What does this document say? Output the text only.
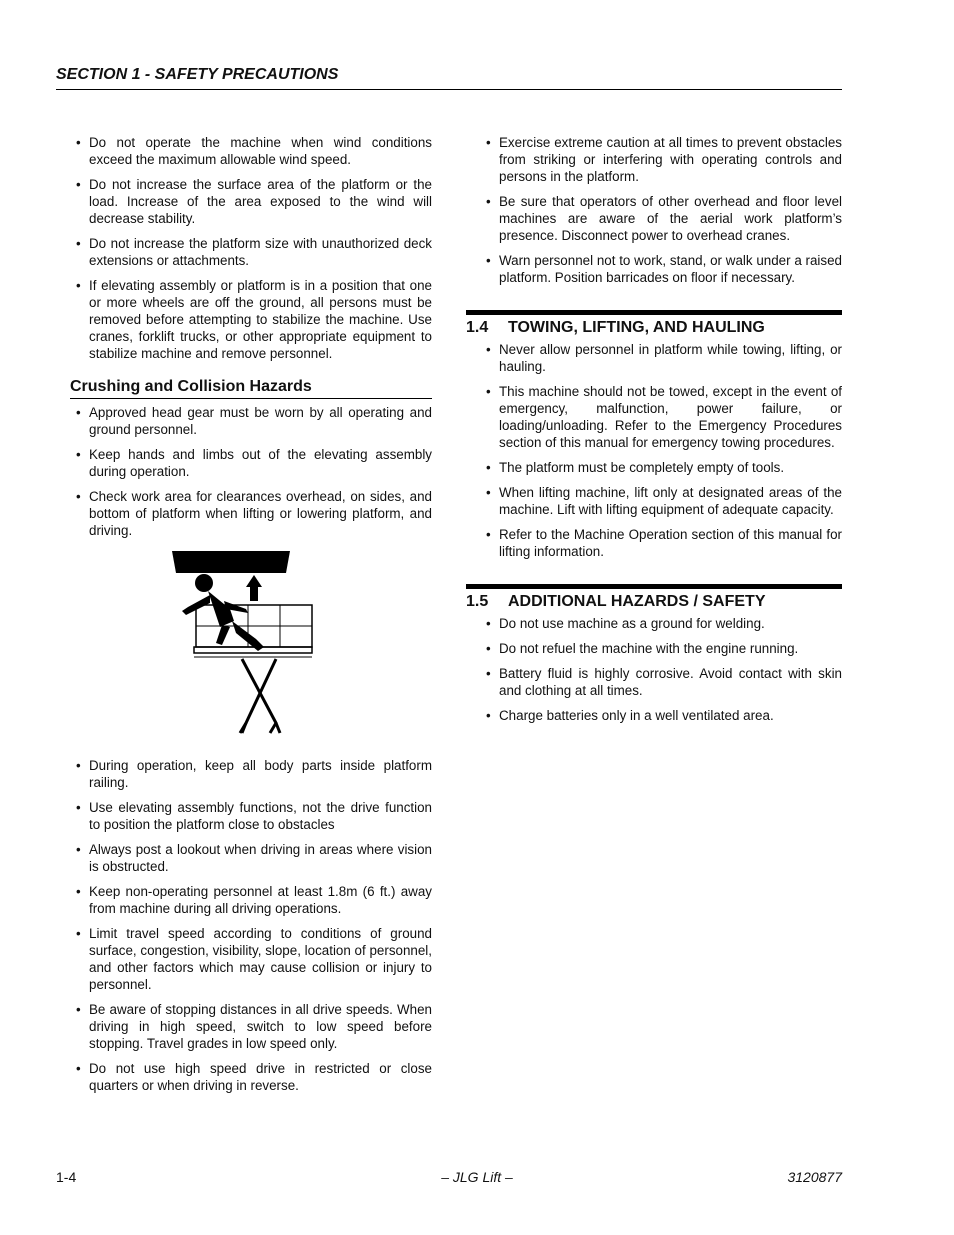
SECTION 1 - SAFETY PRECAUTIONS
• Do not operate the machine when wind conditions exceed the maximum allowable wind speed.
• Do not increase the surface area of the platform or the load. Increase of the area exposed to the wind will decrease stability.
• Do not increase the platform size with unauthorized deck extensions or attachments.
• If elevating assembly or platform is in a position that one or more wheels are off the ground, all persons must be removed before attempting to stabilize the machine. Use cranes, forklift trucks, or other appropriate equipment to stabilize machine and remove personnel.
Crushing and Collision Hazards
• Approved head gear must be worn by all operating and ground personnel.
• Keep hands and limbs out of the elevating assembly during operation.
• Check work area for clearances overhead, on sides, and bottom of platform when lifting or lowering platform, and driving.
• During operation, keep all body parts inside platform railing.
• Use elevating assembly functions, not the drive function to position the platform close to obstacles
• Always post a lookout when driving in areas where vision is obstructed.
• Keep non-operating personnel at least 1.8m (6 ft.) away from machine during all driving operations.
• Limit travel speed according to conditions of ground surface, congestion, visibility, slope, location of personnel, and other factors which may cause collision or injury to personnel.
• Be aware of stopping distances in all drive speeds. When driving in high speed, switch to low speed before stopping. Travel grades in low speed only.
• Do not use high speed drive in restricted or close quarters or when driving in reverse.
• Exercise extreme caution at all times to prevent obstacles from striking or interfering with operating controls and persons in the platform.
• Be sure that operators of other overhead and floor level machines are aware of the aerial work platform’s presence. Disconnect power to overhead cranes.
• Warn personnel not to work, stand, or walk under a raised platform. Position barricades on floor if necessary.
1.4 TOWING, LIFTING, AND HAULING
• Never allow personnel in platform while towing, lifting, or hauling.
• This machine should not be towed, except in the event of emergency, malfunction, power failure, or loading/unloading. Refer to the Emergency Procedures section of this manual for emergency towing procedures.
• The platform must be completely empty of tools.
• When lifting machine, lift only at designated areas of the machine. Lift with lifting equipment of adequate capacity.
• Refer to the Machine Operation section of this manual for lifting information.
1.5 ADDITIONAL HAZARDS / SAFETY
• Do not use machine as a ground for welding.
• Do not refuel the machine with the engine running.
• Battery fluid is highly corrosive. Avoid contact with skin and clothing at all times.
• Charge batteries only in a well ventilated area.
1-4	– JLG Lift –	3120877
